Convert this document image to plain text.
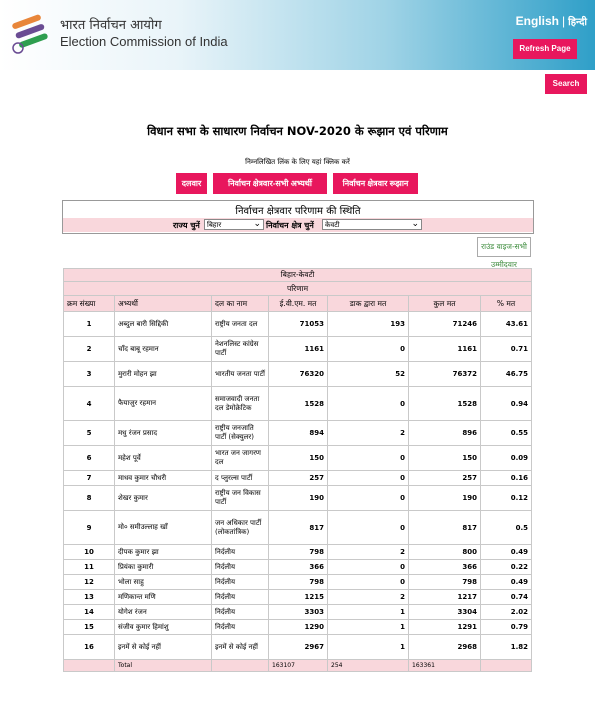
भारत निर्वाचन आयोग
Election Commission of India
English | हिन्दी
Refresh Page
Search
विधान सभा के साधारण निर्वाचन NOV-2020 के रूझान एवं परिणाम
निम्नलिखित लिंक के लिए यहां क्लिक करें
दलवार	निर्वाचन क्षेत्रवार-सभी अभ्यर्थी	निर्वाचन क्षेत्रवार रूझान
निर्वाचन क्षेत्रवार परिणाम की स्थिति
राज्य चुनें	बिहार	⌄ निर्वाचन क्षेत्र चुनें	केवटी	⌄
राउंड वाइज-सभी उम्मीदवार
बिहार-केवटी						
परिणाम						
क्रम संख्या	अभ्यर्थी	दल का नाम	ई.वी.एम. मत	डाक द्वारा मत	कुल मत	% मत
1	अब्दुल बारी सिद्दिकी	राष्ट्रीय जनता दल	71053	193	71246	43.61
2	चाँद बाबू रहमान	नेशनलिस्ट कांग्रेस पार्टी	1161	0	1161	0.71
3	मुरारी मोहन झा	भारतीय जनता पार्टी	76320	52	76372	46.75
4	फैयाजुर रहमान	समाजवादी जनता दल डेमोक्रेटिक	1528	0	1528	0.94
5	मधु रंजन प्रसाद	राष्ट्रीय जनजाति पार्टी (सेक्युलर)	894	2	896	0.55
6	महेश पूर्वे	भारत जन जागरण दल	150	0	150	0.09
7	माधव कुमार चौधरी	द प्लुरल्स पार्टी	257	0	257	0.16
8	शेखर कुमार	राष्ट्रीय जन विकास पार्टी	190	0	190	0.12
9	मो० समीउल्लाह खाँ	जन अधिकार पार्टी (लोकतांत्रिक)	817	0	817	0.5
10	दीपक कुमार झा	निर्दलीय	798	2	800	0.49
11	प्रियंका कुमारी	निर्दलीय	366	0	366	0.22
12	भोला साहु	निर्दलीय	798	0	798	0.49
13	मणिकान्त मणि	निर्दलीय	1215	2	1217	0.74
14	योगेश रंजन	निर्दलीय	3303	1	3304	2.02
15	संजीव कुमार हिमांशु	निर्दलीय	1290	1	1291	0.79
16	इनमें से कोई नहीं	इनमें से कोई नहीं	2967	1	2968	1.82
	Total		163107	254	163361	
